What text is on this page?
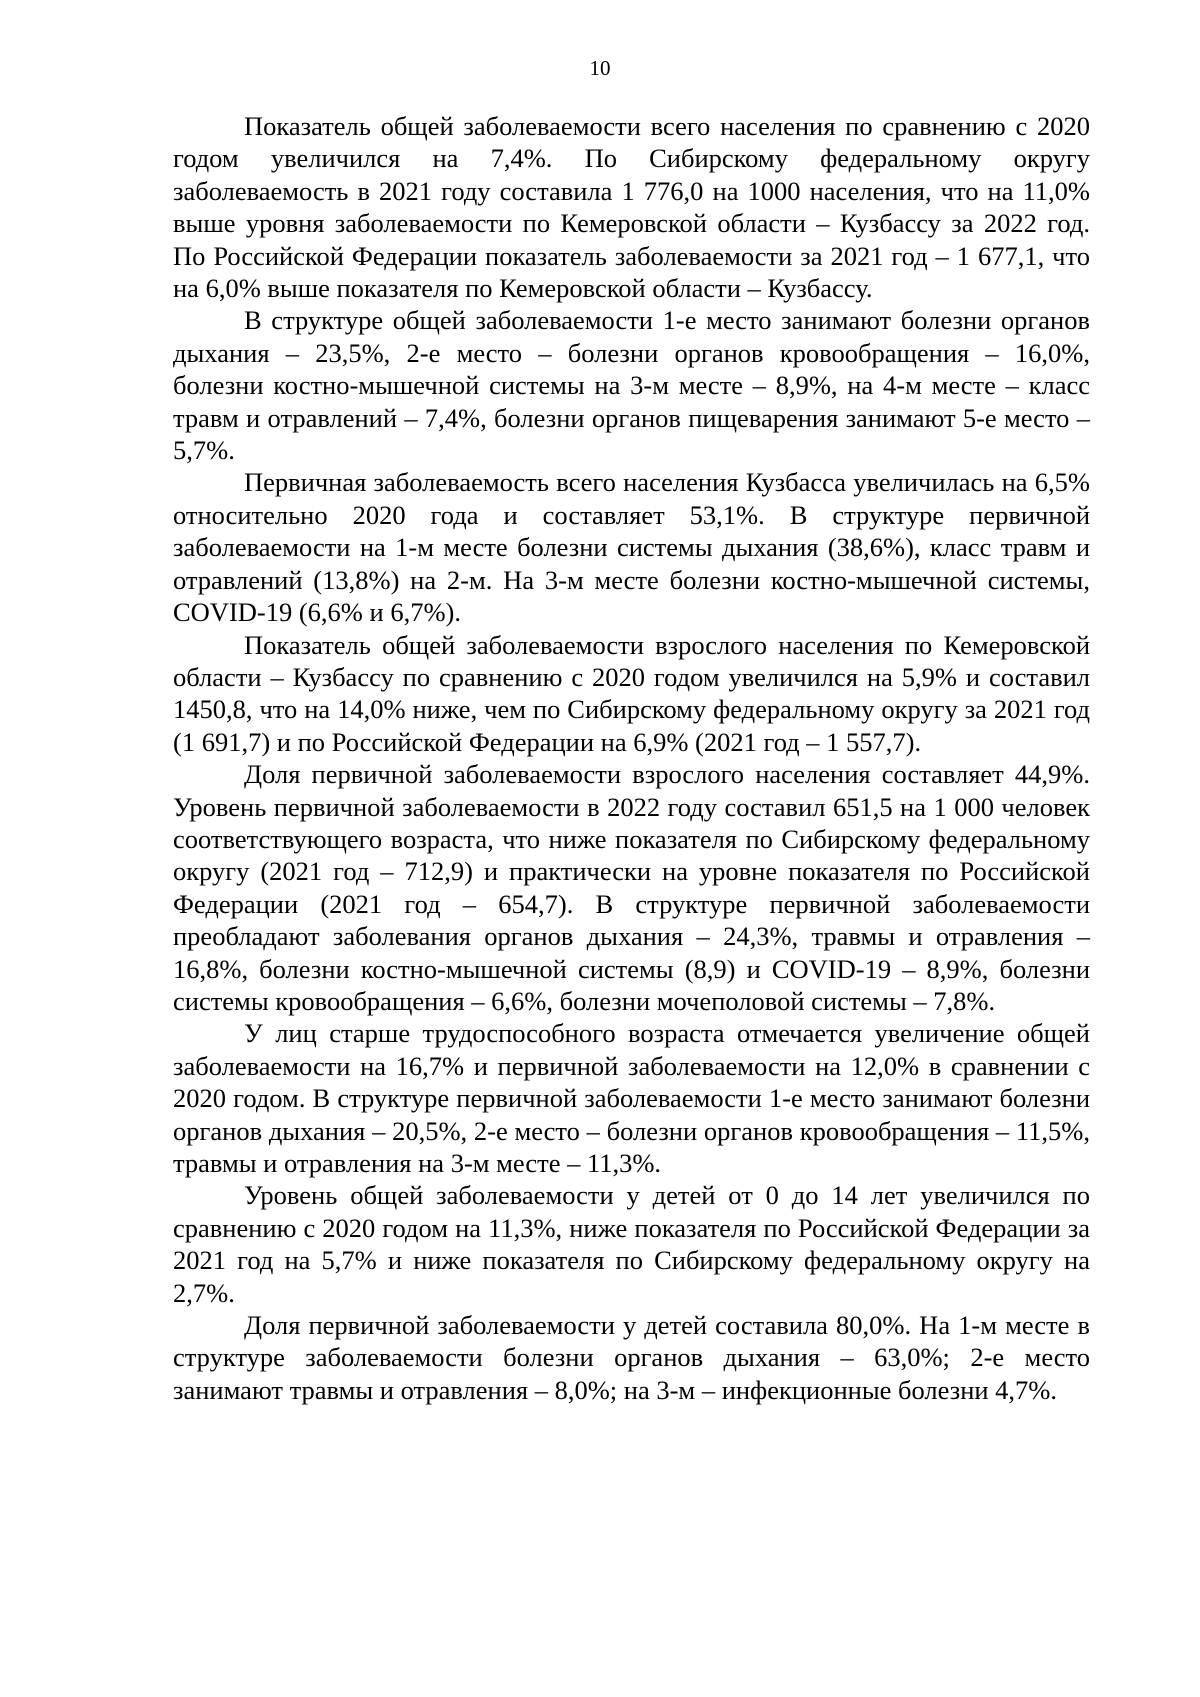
10

Показатель общей заболеваемости всего населения по сравнению с 2020 годом увеличился на 7,4%. По Сибирскому федеральному округу заболеваемость в 2021 году составила 1 776,0 на 1000 населения, что на 11,0% выше уровня заболеваемости по Кемеровской области – Кузбассу за 2022 год. По Российской Федерации показатель заболеваемости за 2021 год – 1 677,1, что на 6,0% выше показателя по Кемеровской области – Кузбассу.

В структуре общей заболеваемости 1-е место занимают болезни органов дыхания – 23,5%, 2-е место – болезни органов кровообращения – 16,0%, болезни костно-мышечной системы на 3-м месте – 8,9%, на 4-м месте – класс травм и отравлений – 7,4%, болезни органов пищеварения занимают 5-е место – 5,7%.

Первичная заболеваемость всего населения Кузбасса увеличилась на 6,5% относительно 2020 года и составляет 53,1%. В структуре первичной заболеваемости на 1-м месте болезни системы дыхания (38,6%), класс травм и отравлений (13,8%) на 2-м. На 3-м месте болезни костно-мышечной системы, COVID-19 (6,6% и 6,7%).

Показатель общей заболеваемости взрослого населения по Кемеровской области – Кузбассу по сравнению с 2020 годом увеличился на 5,9% и составил 1450,8, что на 14,0% ниже, чем по Сибирскому федеральному округу за 2021 год (1 691,7) и по Российской Федерации на 6,9% (2021 год – 1 557,7).

Доля первичной заболеваемости взрослого населения составляет 44,9%. Уровень первичной заболеваемости в 2022 году составил 651,5 на 1 000 человек соответствующего возраста, что ниже показателя по Сибирскому федеральному округу (2021 год – 712,9) и практически на уровне показателя по Российской Федерации (2021 год – 654,7). В структуре первичной заболеваемости преобладают заболевания органов дыхания – 24,3%, травмы и отравления – 16,8%, болезни костно-мышечной системы (8,9) и COVID-19 – 8,9%, болезни системы кровообращения – 6,6%, болезни мочеполовой системы – 7,8%.

У лиц старше трудоспособного возраста отмечается увеличение общей заболеваемости на 16,7% и первичной заболеваемости на 12,0% в сравнении с 2020 годом. В структуре первичной заболеваемости 1-е место занимают болезни органов дыхания – 20,5%, 2-е место – болезни органов кровообращения – 11,5%, травмы и отравления на 3-м месте – 11,3%.

Уровень общей заболеваемости у детей от 0 до 14 лет увеличился по сравнению с 2020 годом на 11,3%, ниже показателя по Российской Федерации за 2021 год на 5,7% и ниже показателя по Сибирскому федеральному округу на 2,7%.

Доля первичной заболеваемости у детей составила 80,0%. На 1-м месте в структуре заболеваемости болезни органов дыхания – 63,0%; 2-е место занимают травмы и отравления – 8,0%; на 3-м – инфекционные болезни 4,7%.
